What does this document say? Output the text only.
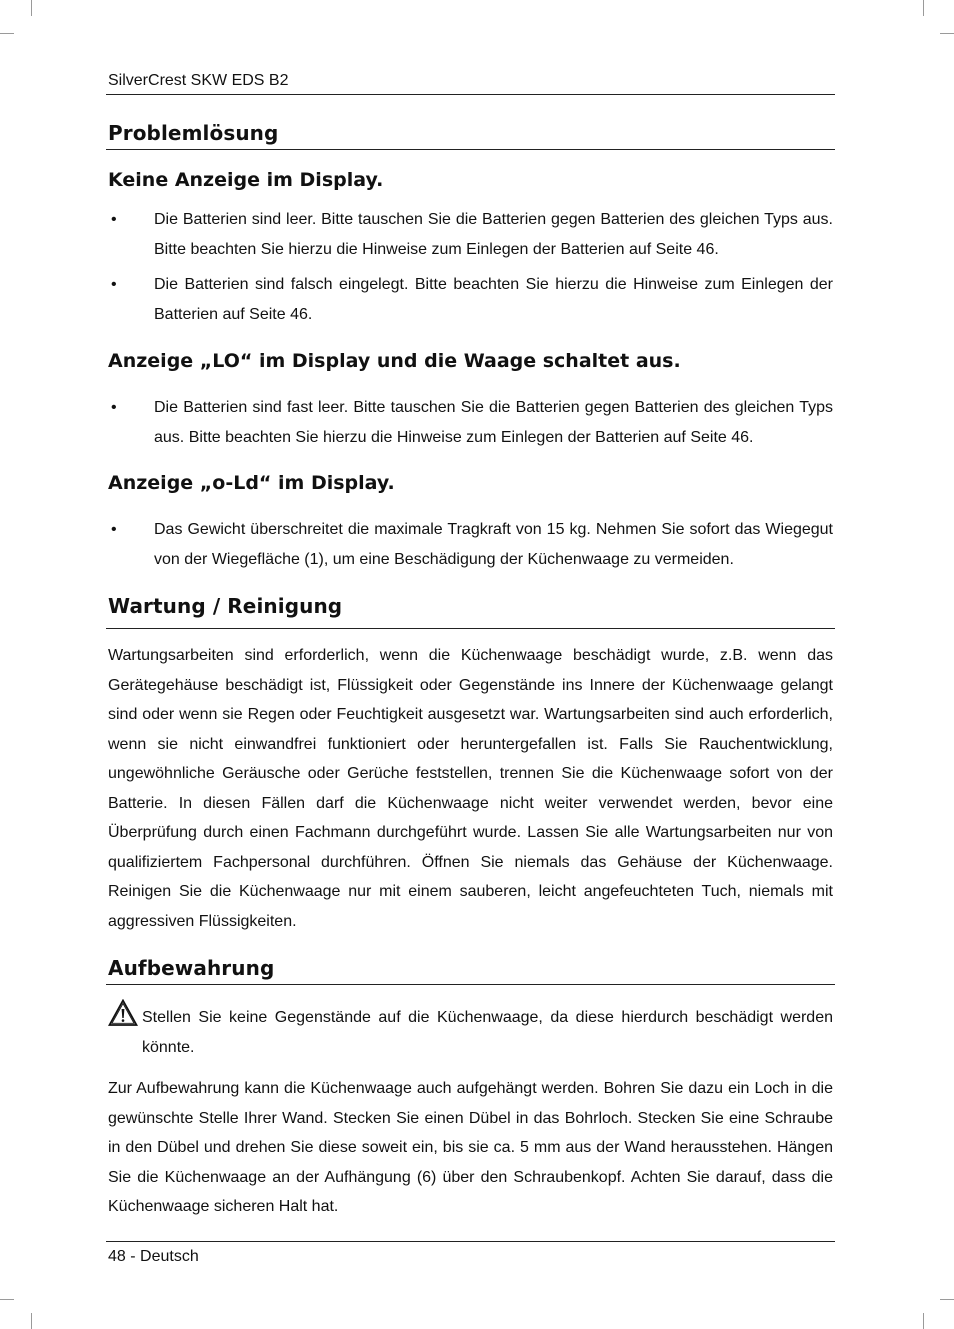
SilverCrest SKW EDS B2
Problemlösung
Keine Anzeige im Display.
• Die Batterien sind leer. Bitte tauschen Sie die Batterien gegen Batterien des gleichen Typs aus. Bitte beachten Sie hierzu die Hinweise zum Einlegen der Batterien auf Seite 46.
• Die Batterien sind falsch eingelegt. Bitte beachten Sie hierzu die Hinweise zum Einlegen der Batterien auf Seite 46.
Anzeige „LO“ im Display und die Waage schaltet aus.
• Die Batterien sind fast leer. Bitte tauschen Sie die Batterien gegen Batterien des gleichen Typs aus. Bitte beachten Sie hierzu die Hinweise zum Einlegen der Batterien auf Seite 46.
Anzeige „o-Ld“ im Display.
• Das Gewicht überschreitet die maximale Tragkraft von 15 kg. Nehmen Sie sofort das Wiegegut von der Wiegefläche (1), um eine Beschädigung der Küchenwaage zu vermeiden.
Wartung / Reinigung
Wartungsarbeiten sind erforderlich, wenn die Küchenwaage beschädigt wurde, z.B. wenn das Gerätegehäuse beschädigt ist, Flüssigkeit oder Gegenstände ins Innere der Küchenwaage gelangt sind oder wenn sie Regen oder Feuchtigkeit ausgesetzt war. Wartungsarbeiten sind auch erforderlich, wenn sie nicht einwandfrei funktioniert oder heruntergefallen ist. Falls Sie Rauchentwicklung, ungewöhnliche Geräusche oder Gerüche feststellen, trennen Sie die Küchenwaage sofort von der Batterie. In diesen Fällen darf die Küchenwaage nicht weiter verwendet werden, bevor eine Überprüfung durch einen Fachmann durchgeführt wurde. Lassen Sie alle Wartungsarbeiten nur von qualifiziertem Fachpersonal durchführen. Öffnen Sie niemals das Gehäuse der Küchenwaage. Reinigen Sie die Küchenwaage nur mit einem sauberen, leicht angefeuchteten Tuch, niemals mit aggressiven Flüssigkeiten.
Aufbewahrung
Stellen Sie keine Gegenstände auf die Küchenwaage, da diese hierdurch beschädigt werden könnte.
Zur Aufbewahrung kann die Küchenwaage auch aufgehängt werden. Bohren Sie dazu ein Loch in die gewünschte Stelle Ihrer Wand. Stecken Sie einen Dübel in das Bohrloch. Stecken Sie eine Schraube in den Dübel und drehen Sie diese soweit ein, bis sie ca. 5 mm aus der Wand herausstehen. Hängen Sie die Küchenwaage an der Aufhängung (6) über den Schraubenkopf. Achten Sie darauf, dass die Küchenwaage sicheren Halt hat.
48 - Deutsch
